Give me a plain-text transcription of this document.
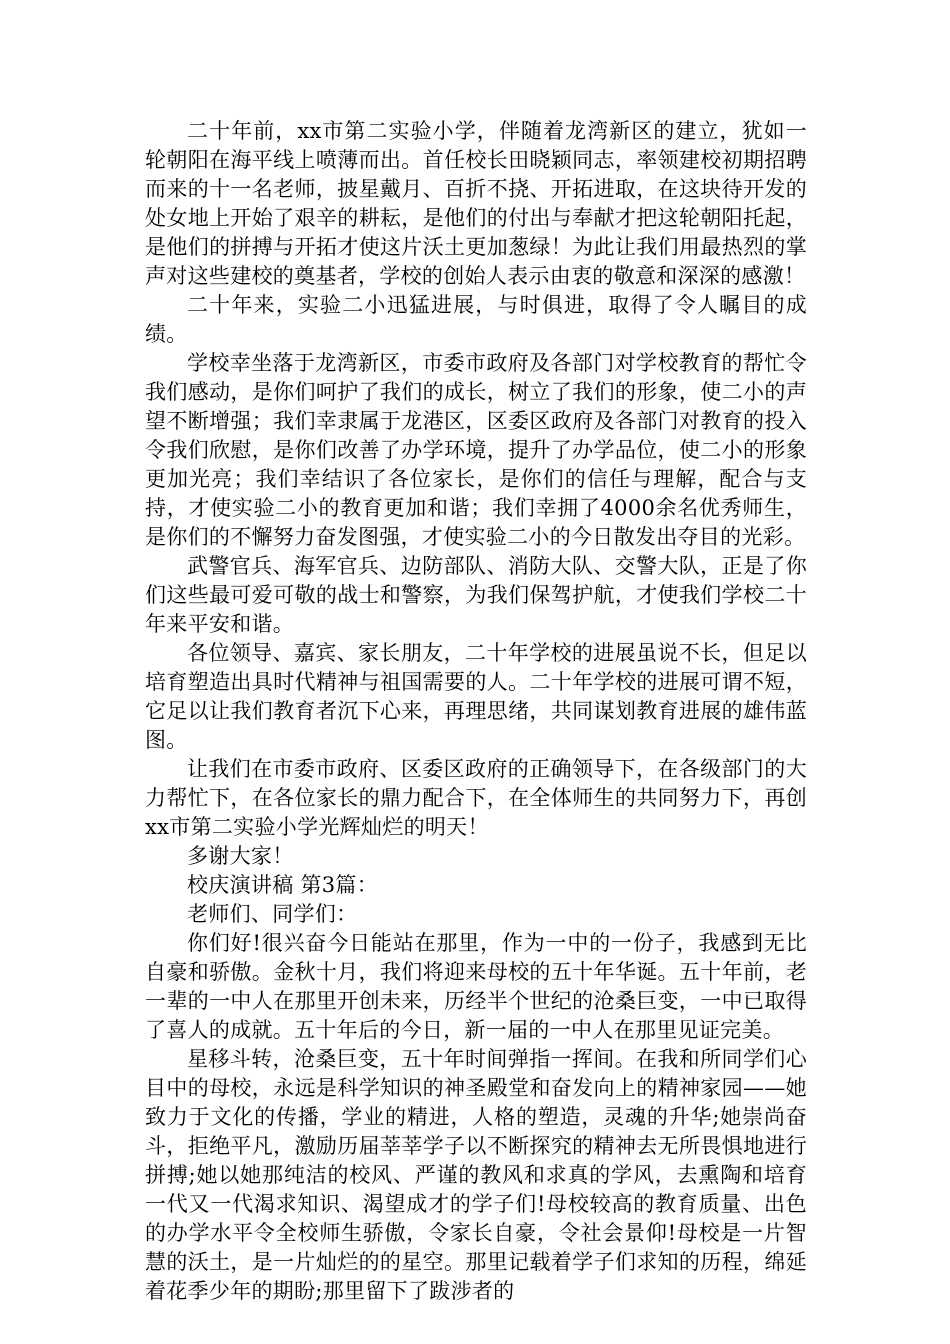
二十年前，xx市第二实验小学，伴随着龙湾新区的建立，犹如一轮朝阳在海平线上喷薄而出。首任校长田晓颖同志，率领建校初期招聘而来的十一名老师，披星戴月、百折不挠、开拓进取，在这块待开发的处女地上开始了艰辛的耕耘，是他们的付出与奉献才把这轮朝阳托起，是他们的拼搏与开拓才使这片沃土更加葱绿！为此让我们用最热烈的掌声对这些建校的奠基者，学校的创始人表示由衷的敬意和深深的感激！

二十年来，实验二小迅猛进展，与时俱进，取得了令人瞩目的成绩。

学校幸坐落于龙湾新区，市委市政府及各部门对学校教育的帮忙令我们感动，是你们呵护了我们的成长，树立了我们的形象，使二小的声望不断增强；我们幸隶属于龙港区，区委区政府及各部门对教育的投入令我们欣慰，是你们改善了办学环境，提升了办学品位，使二小的形象更加光亮；我们幸结识了各位家长，是你们的信任与理解，配合与支持，才使实验二小的教育更加和谐；我们幸拥了4000余名优秀师生，是你们的不懈努力奋发图强，才使实验二小的今日散发出夺目的光彩。

武警官兵、海军官兵、边防部队、消防大队、交警大队，正是了你们这些最可爱可敬的战士和警察，为我们保驾护航，才使我们学校二十年来平安和谐。

各位领导、嘉宾、家长朋友，二十年学校的进展虽说不长，但足以培育塑造出具时代精神与祖国需要的人。二十年学校的进展可谓不短，它足以让我们教育者沉下心来，再理思绪，共同谋划教育进展的雄伟蓝图。

让我们在市委市政府、区委区政府的正确领导下，在各级部门的大力帮忙下，在各位家长的鼎力配合下，在全体师生的共同努力下，再创xx市第二实验小学光辉灿烂的明天！

多谢大家！

校庆演讲稿 第3篇：

老师们、同学们：

你们好!很兴奋今日能站在那里，作为一中的一份子，我感到无比自豪和骄傲。金秋十月，我们将迎来母校的五十年华诞。五十年前，老一辈的一中人在那里开创未来，历经半个世纪的沧桑巨变，一中已取得了喜人的成就。五十年后的今日，新一届的一中人在那里见证完美。

星移斗转，沧桑巨变，五十年时间弹指一挥间。在我和所同学们心目中的母校，永远是科学知识的神圣殿堂和奋发向上的精神家园——她致力于文化的传播，学业的精进，人格的塑造，灵魂的升华;她崇尚奋斗，拒绝平凡，激励历届莘莘学子以不断探究的精神去无所畏惧地进行拼搏;她以她那纯洁的校风、严谨的教风和求真的学风，去熏陶和培育一代又一代渴求知识、渴望成才的学子们!母校较高的教育质量、出色的办学水平令全校师生骄傲，令家长自豪，令社会景仰!母校是一片智慧的沃土，是一片灿烂的的星空。那里记载着学子们求知的历程，绵延着花季少年的期盼;那里留下了跋涉者的
